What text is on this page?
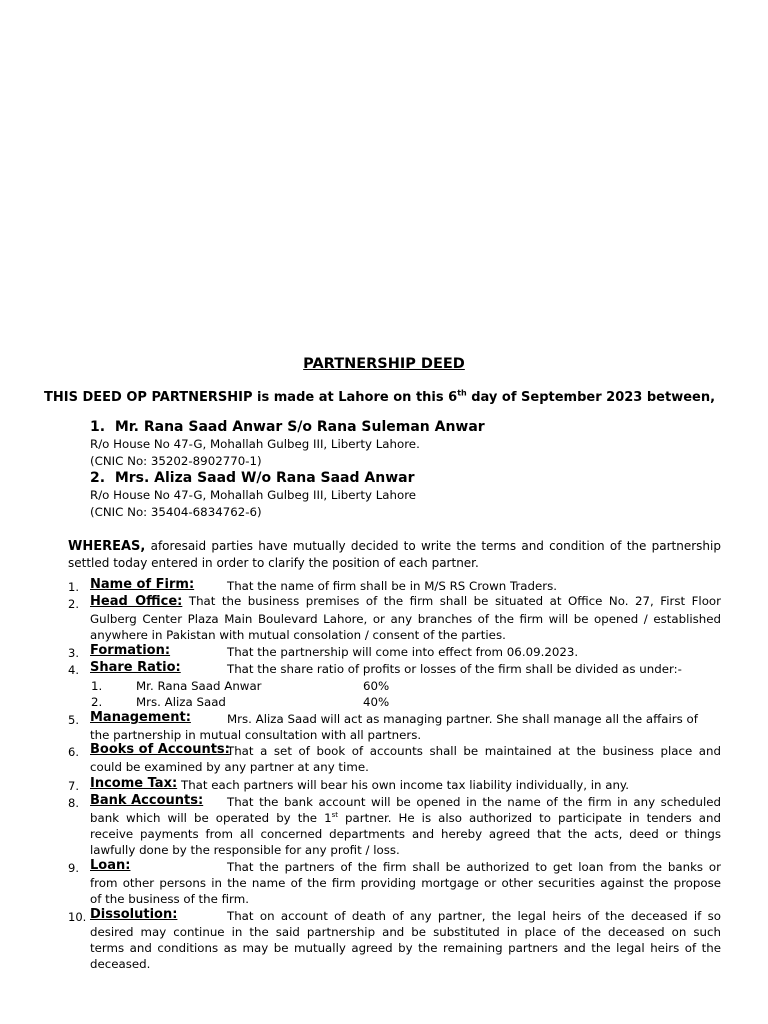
PARTNERSHIP DEED
THIS DEED OP PARTNERSHIP is made at Lahore on this 6th day of September 2023 between,
1. Mr. Rana Saad Anwar S/o Rana Suleman Anwar
R/o House No 47-G, Mohallah Gulbeg III, Liberty Lahore.
(CNIC No: 35202-8902770-1)
2. Mrs. Aliza Saad W/o Rana Saad Anwar
R/o House No 47-G, Mohallah Gulbeg III, Liberty Lahore
(CNIC No: 35404-6834762-6)
WHEREAS, aforesaid parties have mutually decided to write the terms and condition of the partnership settled today entered in order to clarify the position of each partner.
1. Name of Firm:	That the name of firm shall be in M/S RS Crown Traders.
2. Head Office: That the business premises of the firm shall be situated at Office No. 27, First Floor
Gulberg Center Plaza Main Boulevard Lahore, or any branches of the firm will be opened / established
anywhere in Pakistan with mutual consolation / consent of the parties.
3. Formation:	That the partnership will come into effect from 06.09.2023.
4. Share Ratio:	That the share ratio of profits or losses of the firm shall be divided as under:-
1.	Mr. Rana Saad Anwar	60%
2.	Mrs. Aliza Saad	40%
5. Management:	Mrs. Aliza Saad will act as managing partner. She shall manage all the affairs of
the partnership in mutual consultation with all partners.
6. Books of Accounts:
That a set of book of accounts shall be maintained at the business place and
could be examined by any partner at any time.
7. Income Tax: That each partners will bear his own income tax liability individually, in any.
8. Bank Accounts: That the bank account will be opened in the name of the firm in any scheduled
bank which will be operated by the 1st partner. He is also authorized to participate in tenders and
receive payments from all concerned departments and hereby agreed that the acts, deed or things
lawfully done by the responsible for any profit / loss.
9. Loan:	That the partners of the firm shall be authorized to get loan from the banks or
from other persons in the name of the firm providing mortgage or other securities against the propose
of the business of the firm.
10. Dissolution:	That on account of death of any partner, the legal heirs of the deceased if so
desired may continue in the said partnership and be substituted in place of the deceased on such
terms and conditions as may be mutually agreed by the remaining partners and the legal heirs of the
deceased.
